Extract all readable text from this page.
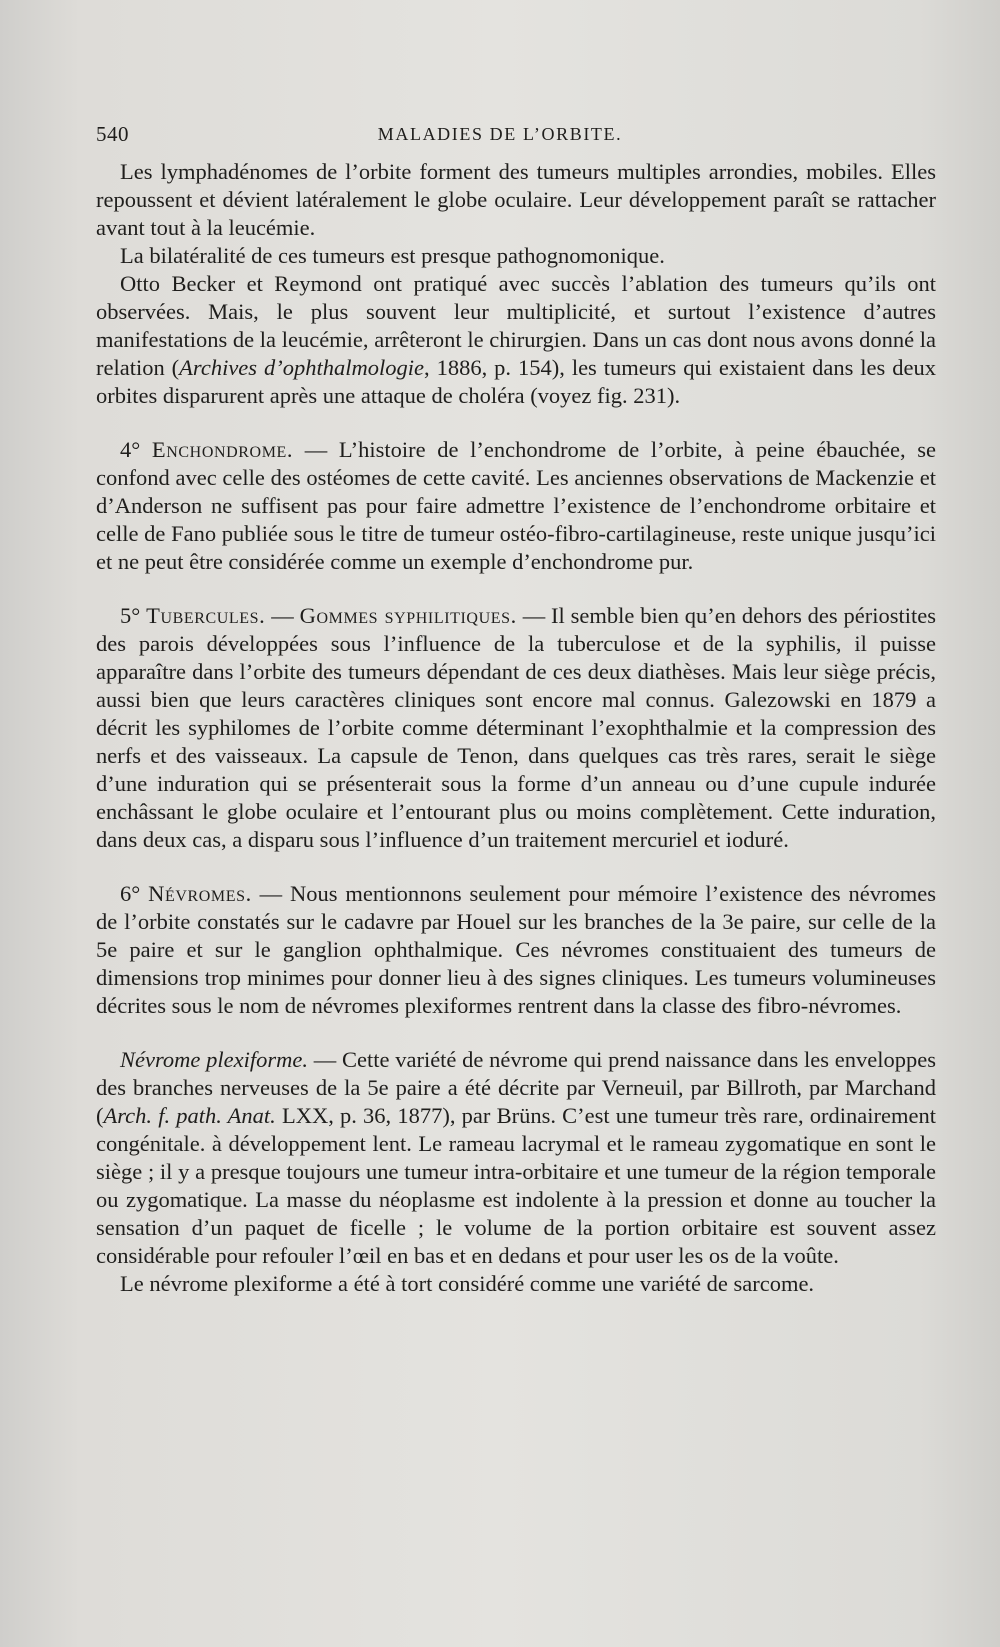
540	MALADIES DE L’ORBITE.

Les lymphadénomes de l’orbite forment des tumeurs multiples arrondies, mobiles. Elles repoussent et dévient latéralement le globe oculaire. Leur développement paraît se rattacher avant tout à la leucémie.

La bilatéralité de ces tumeurs est presque pathognomonique.

Otto Becker et Reymond ont pratiqué avec succès l’ablation des tumeurs qu’ils ont observées. Mais, le plus souvent leur multiplicité, et surtout l’existence d’autres manifestations de la leucémie, arrêteront le chirurgien. Dans un cas dont nous avons donné la relation (Archives d’ophthalmologie, 1886, p. 154), les tumeurs qui existaient dans les deux orbites disparurent après une attaque de choléra (voyez fig. 231).

4° Enchondrome. — L’histoire de l’enchondrome de l’orbite, à peine ébauchée, se confond avec celle des ostéomes de cette cavité. Les anciennes observations de Mackenzie et d’Anderson ne suffisent pas pour faire admettre l’existence de l’enchondrome orbitaire et celle de Fano publiée sous le titre de tumeur ostéo-fibro-cartilagineuse, reste unique jusqu’ici et ne peut être considérée comme un exemple d’enchondrome pur.

5° Tubercules. — Gommes syphilitiques. — Il semble bien qu’en dehors des périostites des parois développées sous l’influence de la tuberculose et de la syphilis, il puisse apparaître dans l’orbite des tumeurs dépendant de ces deux diathèses. Mais leur siège précis, aussi bien que leurs caractères cliniques sont encore mal connus. Galezowski en 1879 a décrit les syphilomes de l’orbite comme déterminant l’exophthalmie et la compression des nerfs et des vaisseaux. La capsule de Tenon, dans quelques cas très rares, serait le siège d’une induration qui se présenterait sous la forme d’un anneau ou d’une cupule indurée enchâssant le globe oculaire et l’entourant plus ou moins complètement. Cette induration, dans deux cas, a disparu sous l’influence d’un traitement mercuriel et ioduré.

6° Névromes. — Nous mentionnons seulement pour mémoire l’existence des névromes de l’orbite constatés sur le cadavre par Houel sur les branches de la 3e paire, sur celle de la 5e paire et sur le ganglion ophthalmique. Ces névromes constituaient des tumeurs de dimensions trop minimes pour donner lieu à des signes cliniques. Les tumeurs volumineuses décrites sous le nom de névromes plexiformes rentrent dans la classe des fibro-névromes.

Névrome plexiforme. — Cette variété de névrome qui prend naissance dans les enveloppes des branches nerveuses de la 5e paire a été décrite par Verneuil, par Billroth, par Marchand (Arch. f. path. Anat. LXX, p. 36, 1877), par Brüns. C’est une tumeur très rare, ordinairement congénitale. à développement lent. Le rameau lacrymal et le rameau zygomatique en sont le siège ; il y a presque toujours une tumeur intra-orbitaire et une tumeur de la région temporale ou zygomatique. La masse du néoplasme est indolente à la pression et donne au toucher la sensation d’un paquet de ficelle ; le volume de la portion orbitaire est souvent assez considérable pour refouler l’œil en bas et en dedans et pour user les os de la voûte.

Le névrome plexiforme a été à tort considéré comme une variété de sarcome.
